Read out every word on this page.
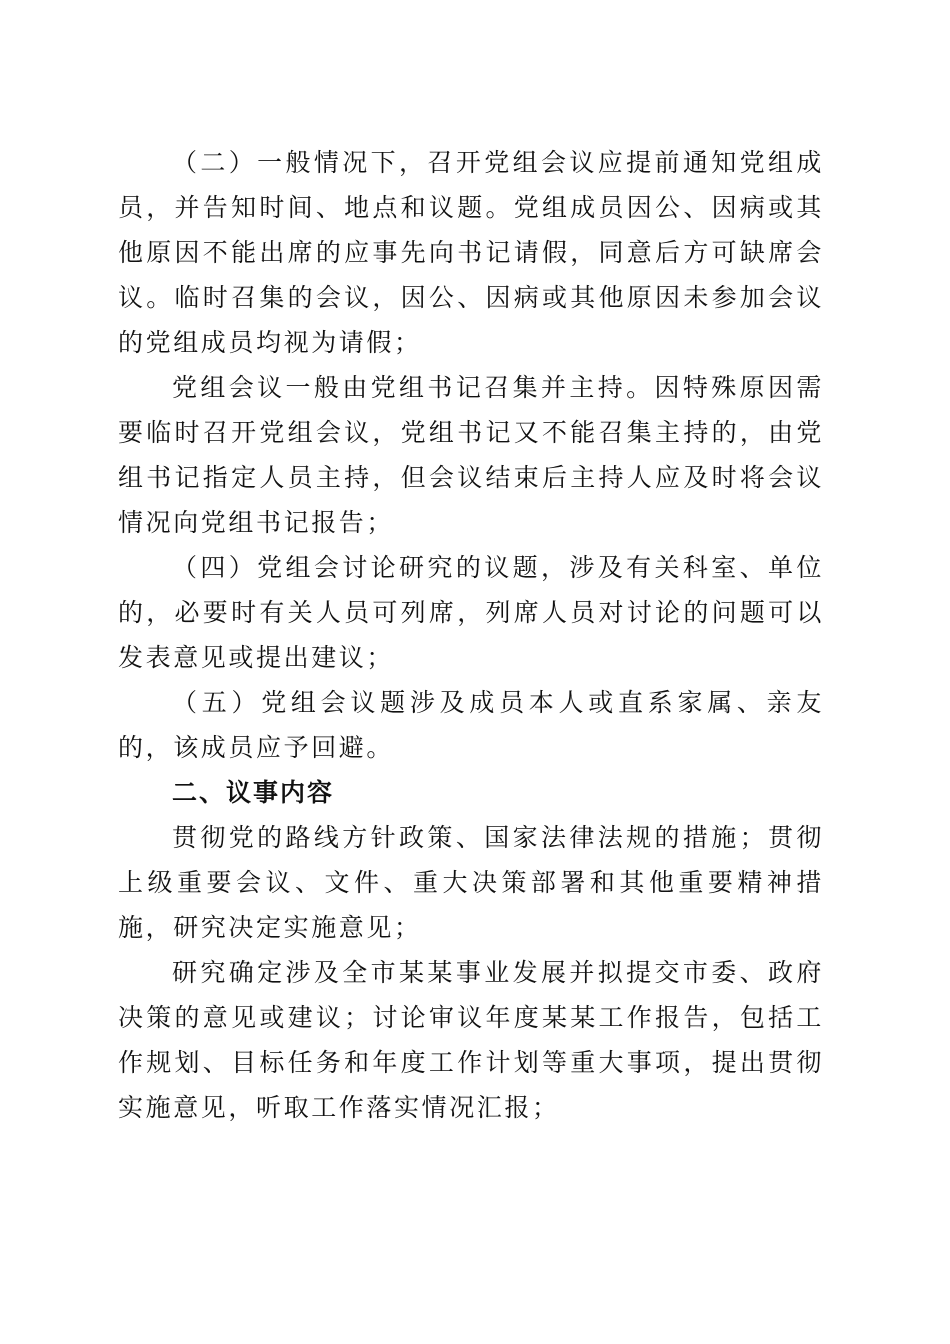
（二）一般情况下，召开党组会议应提前通知党组成员，并告知时间、地点和议题。党组成员因公、因病或其他原因不能出席的应事先向书记请假，同意后方可缺席会议。临时召集的会议，因公、因病或其他原因未参加会议的党组成员均视为请假；

党组会议一般由党组书记召集并主持。因特殊原因需要临时召开党组会议，党组书记又不能召集主持的，由党组书记指定人员主持，但会议结束后主持人应及时将会议情况向党组书记报告；

（四）党组会讨论研究的议题，涉及有关科室、单位的，必要时有关人员可列席，列席人员对讨论的问题可以发表意见或提出建议；

（五）党组会议题涉及成员本人或直系家属、亲友的，该成员应予回避。

二、议事内容

贯彻党的路线方针政策、国家法律法规的措施；贯彻上级重要会议、文件、重大决策部署和其他重要精神措施，研究决定实施意见；

研究确定涉及全市某某事业发展并拟提交市委、政府决策的意见或建议；讨论审议年度某某工作报告，包括工作规划、目标任务和年度工作计划等重大事项，提出贯彻实施意见，听取工作落实情况汇报；
